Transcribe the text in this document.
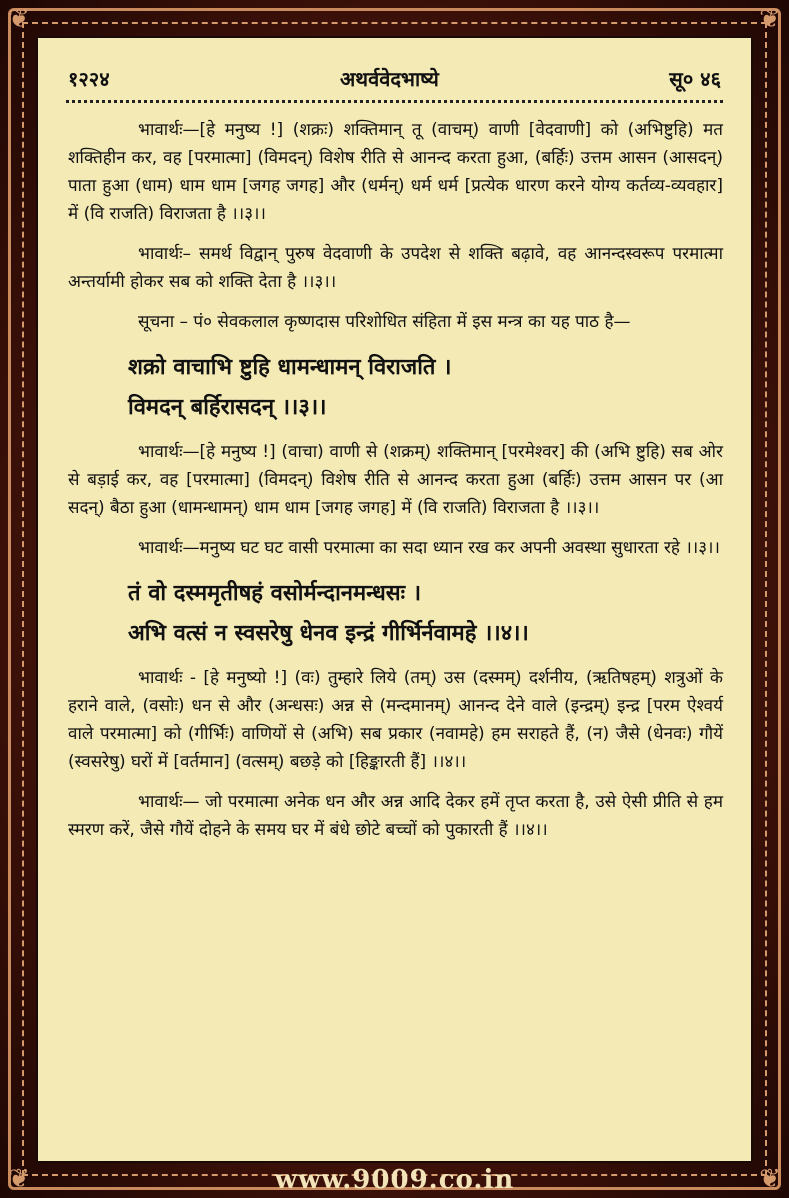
❦	❦
❦	❦
१२२४	अथर्ववेदभाष्ये	सू० ४६

भावार्थः—[हे मनुष्य !] (शक्रः) शक्तिमान् तू (वाचम्) वाणी [वेदवाणी] को (अभिष्टुहि) मत शक्तिहीन कर, वह [परमात्मा] (विमदन्) विशेष रीति से आनन्द करता हुआ, (बर्हिः) उत्तम आसन (आसदन्) पाता हुआ (धाम) धाम धाम [जगह जगह] और (धर्मन्) धर्म धर्म [प्रत्येक धारण करने योग्य कर्तव्य-व्यवहार] में (वि राजति) विराजता है ।।३।।

भावार्थः– समर्थ विद्वान् पुरुष वेदवाणी के उपदेश से शक्ति बढ़ावे, वह आनन्दस्वरूप परमात्मा अन्तर्यामी होकर सब को शक्ति देता है ।।३।।

सूचना – पं० सेवकलाल कृष्णदास परिशोधित संहिता में इस मन्त्र का यह पाठ है—

शक्रो वाचाभि ष्टुहि धामन्धामन् विराजति ।
विमदन् बर्हिरासदन् ।।३।।

भावार्थः—[हे मनुष्य !] (वाचा) वाणी से (शक्रम्) शक्तिमान् [परमेश्वर] की (अभि ष्टुहि) सब ओर से बड़ाई कर, वह [परमात्मा] (विमदन्) विशेष रीति से आनन्द करता हुआ (बर्हिः) उत्तम आसन पर (आ सदन्) बैठा हुआ (धामन्धामन्) धाम धाम [जगह जगह] में (वि राजति) विराजता है ।।३।।

भावार्थः—मनुष्य घट घट वासी परमात्मा का सदा ध्यान रख कर अपनी अवस्था सुधारता रहे ।।३।।

तं वो दस्ममृतीषहं वसोर्मन्दानमन्धसः ।
अभि वत्सं न स्वसरेषु धेनव इन्द्रं गीर्भिर्नवामहे ।।४।।

भावार्थः - [हे मनुष्यो !] (वः) तुम्हारे लिये (तम्) उस (दस्मम्) दर्शनीय, (ऋतिषहम्) शत्रुओं के हराने वाले, (वसोः) धन से और (अन्धसः) अन्न से (मन्दमानम्) आनन्द देने वाले (इन्द्रम्) इन्द्र [परम ऐश्वर्य वाले परमात्मा] को (गीर्भिः) वाणियों से (अभि) सब प्रकार (नवामहे) हम सराहते हैं, (न) जैसे (धेनवः) गौयें (स्वसरेषु) घरों में [वर्तमान] (वत्सम्) बछड़े को [हिङ्कारती हैं] ।।४।।

भावार्थः— जो परमात्मा अनेक धन और अन्न आदि देकर हमें तृप्त करता है, उसे ऐसी प्रीति से हम स्मरण करें, जैसे गौयें दोहने के समय घर में बंधे छोटे बच्चों को पुकारती हैं ।।४।।

www.9009.co.in
